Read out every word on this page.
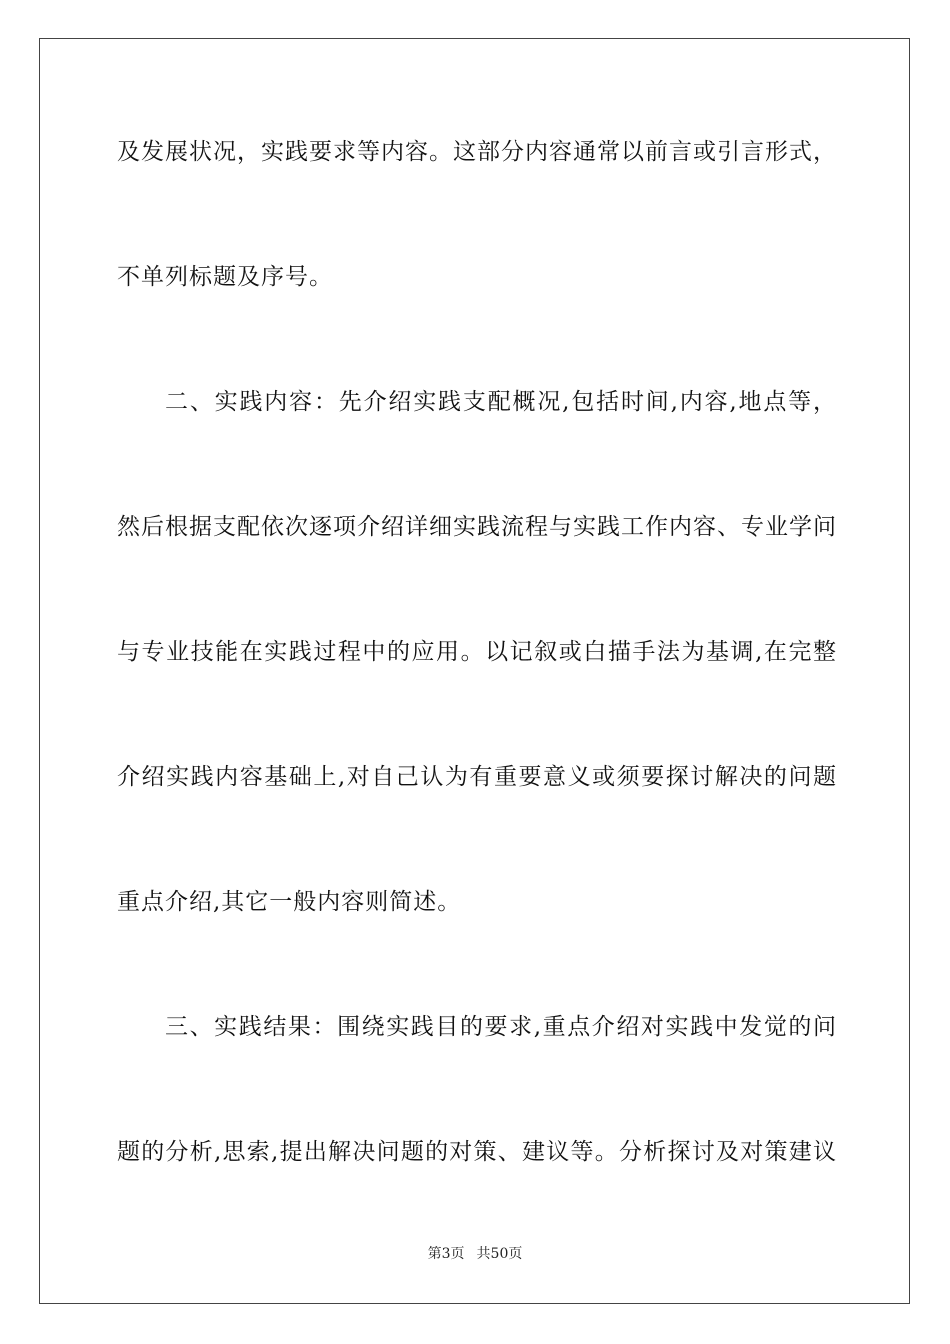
及发展状况，实践要求等内容。这部分内容通常以前言或引言形式，
不单列标题及序号。
二、实践内容：先介绍实践支配概况,包括时间,内容,地点等，
然后根据支配依次逐项介绍详细实践流程与实践工作内容、专业学问
与专业技能在实践过程中的应用。以记叙或白描手法为基调,在完整
介绍实践内容基础上,对自己认为有重要意义或须要探讨解决的问题
重点介绍,其它一般内容则简述。
三、实践结果：围绕实践目的要求,重点介绍对实践中发觉的问
题的分析,思索,提出解决问题的对策、建议等。分析探讨及对策建议
第3页 共50页
